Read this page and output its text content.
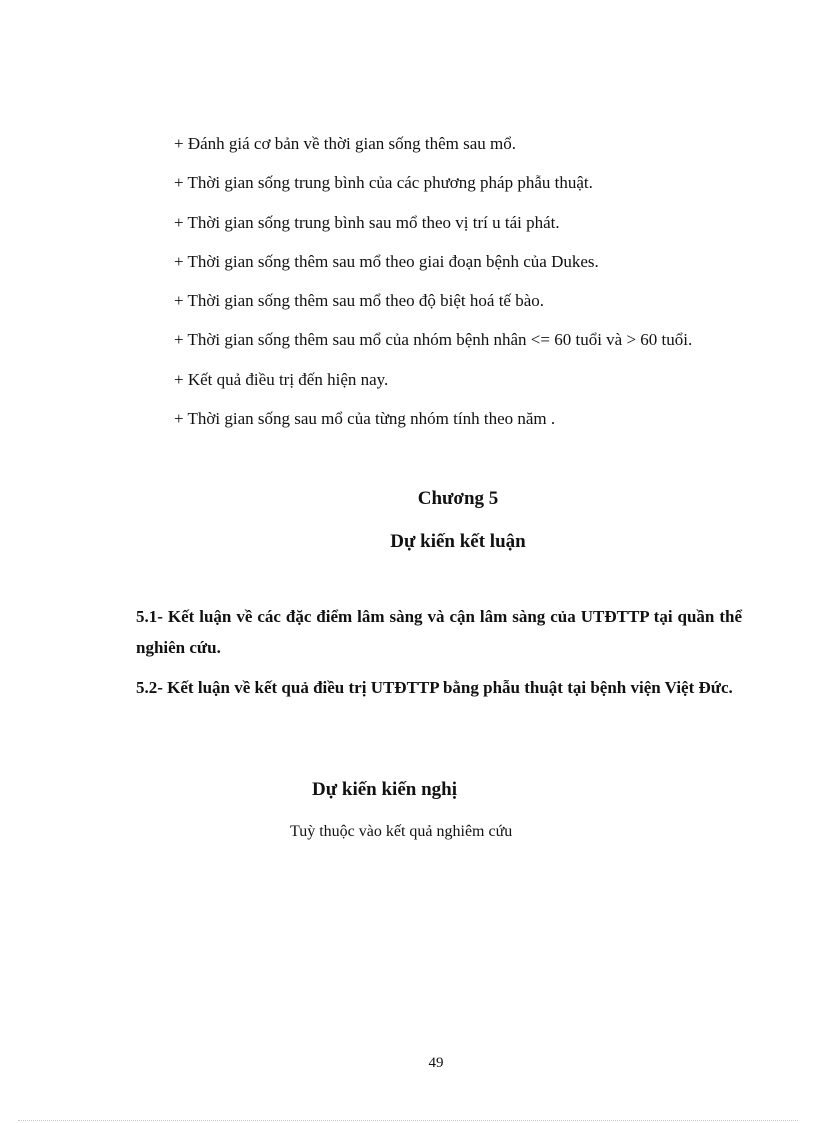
+ Đánh giá cơ bản về thời gian sống thêm sau mổ.
+ Thời gian sống trung bình của các phương pháp phẫu thuật.
+ Thời gian sống trung bình sau mổ theo vị trí u tái phát.
+ Thời gian sống thêm sau mổ theo giai đoạn bệnh của Dukes.
+ Thời gian sống thêm sau mổ theo độ biệt hoá tế bào.
+ Thời gian sống thêm sau mổ của nhóm bệnh nhân <= 60 tuổi và > 60 tuổi.
+ Kết quả điều trị đến hiện nay.
+ Thời gian sống sau mổ của từng nhóm tính theo năm .
Chương 5
Dự kiến kết luận
5.1- Kết luận về các đặc điểm lâm sàng và cận lâm sàng của UTĐTTP tại quần thể nghiên cứu.
5.2- Kết luận về kết quả điều trị UTĐTTP bằng phẫu thuật tại bệnh viện Việt Đức.
Dự kiến kiến nghị
Tuỳ thuộc vào kết quả nghiêm cứu
49
